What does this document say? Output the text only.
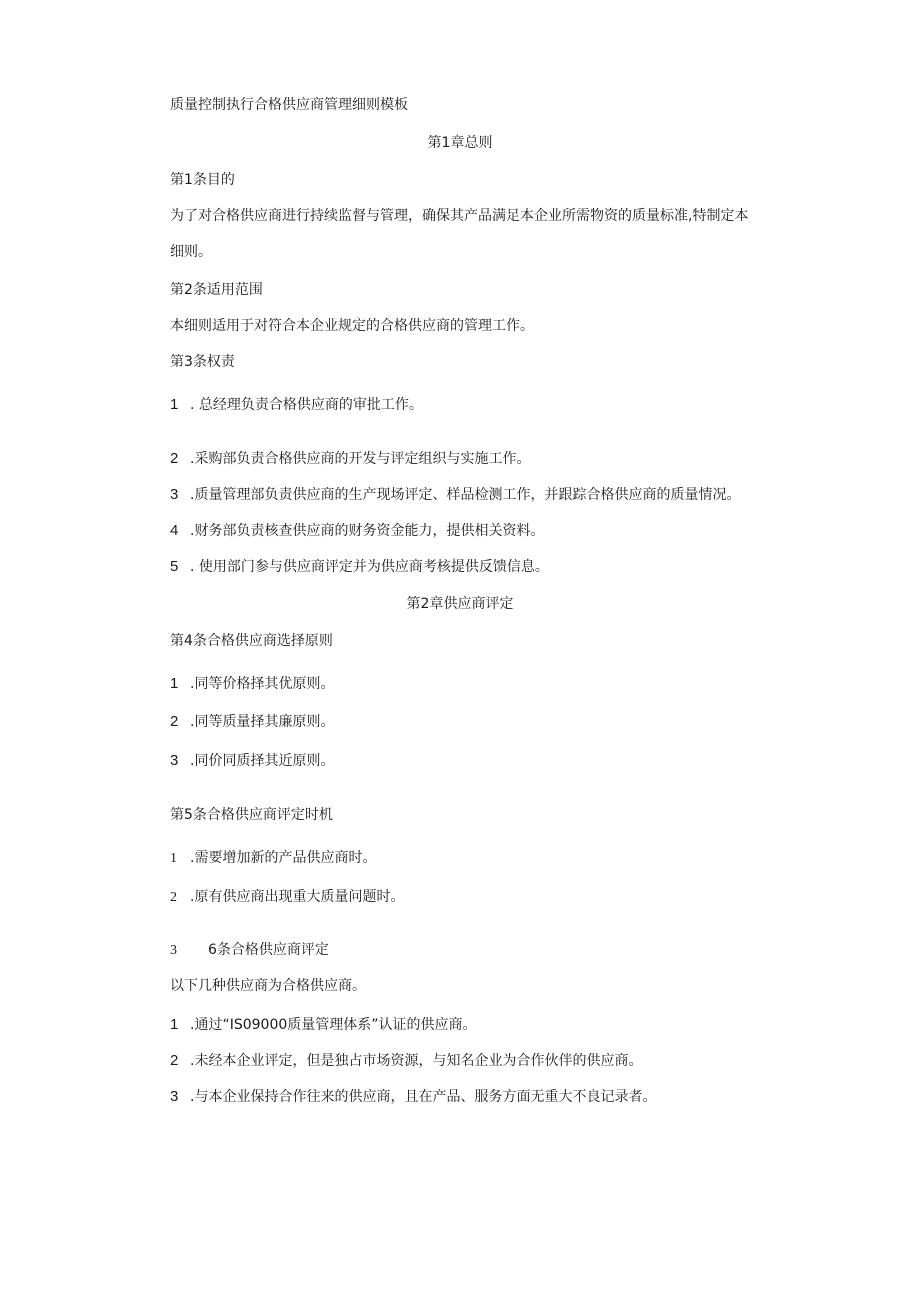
质量控制执行合格供应商管理细则模板
第1章总则
第1条目的
为了对合格供应商进行持续监督与管理，确保其产品满足本企业所需物资的质量标准,特制定本
细则。
第2条适用范围
本细则适用于对符合本企业规定的合格供应商的管理工作。
第3条权责
1 . 总经理负责合格供应商的审批工作。
2 .采购部负责合格供应商的开发与评定组织与实施工作。
3 .质量管理部负责供应商的生产现场评定、样品检测工作，并跟踪合格供应商的质量情况。
4 .财务部负责核查供应商的财务资金能力，提供相关资料。
5 . 使用部门参与供应商评定并为供应商考核提供反馈信息。
第2章供应商评定
第4条合格供应商选择原则
1 .同等价格择其优原则。
2 .同等质量择其廉原则。
3 .同价同质择其近原则。
第5条合格供应商评定时机
1 .需要增加新的产品供应商时。
2 .原有供应商出现重大质量问题时。
3 6条合格供应商评定
以下几种供应商为合格供应商。
1 .通过“IS09000质量管理体系”认证的供应商。
2 .未经本企业评定，但是独占市场资源，与知名企业为合作伙伴的供应商。
3 .与本企业保持合作往来的供应商，且在产品、服务方面无重大不良记录者。
